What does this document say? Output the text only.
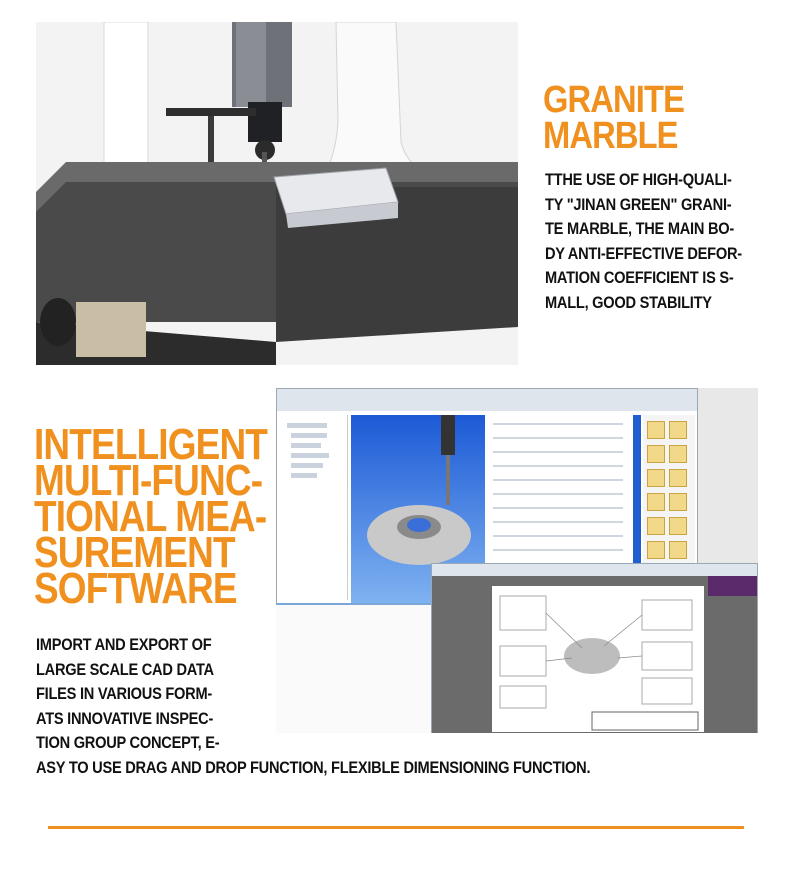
GRANITE
MARBLE
TTHE USE OF HIGH-QUALI-
TY "JINAN GREEN" GRANI-
TE MARBLE, THE MAIN BO-
DY ANTI-EFFECTIVE DEFOR-
MATION COEFFICIENT IS S-
MALL, GOOD STABILITY
INTELLIGENT
MULTI-FUNC-
TIONAL MEA-
SUREMENT
SOFTWARE
IMPORT AND EXPORT OF
LARGE SCALE CAD DATA
FILES IN VARIOUS FORM-
ATS INNOVATIVE INSPEC-
TION GROUP CONCEPT, E-
ASY TO USE DRAG AND DROP FUNCTION, FLEXIBLE DIMENSIONING FUNCTION.
